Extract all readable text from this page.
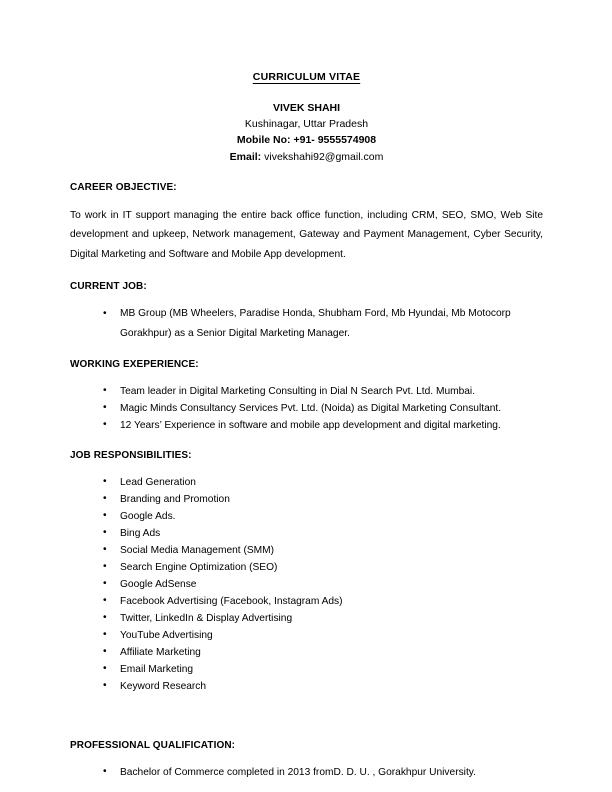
CURRICULUM VITAE
VIVEK SHAHI
Kushinagar, Uttar Pradesh
Mobile No: +91- 9555574908
Email: vivekshahi92@gmail.com
CAREER OBJECTIVE:
To work in IT support managing the entire back office function, including CRM, SEO, SMO, Web Site development and upkeep, Network management, Gateway and Payment Management, Cyber Security, Digital Marketing and Software and Mobile App development.
CURRENT JOB:
• MB Group (MB Wheelers, Paradise Honda, Shubham Ford, Mb Hyundai, Mb Motocorp Gorakhpur) as a Senior Digital Marketing Manager.
WORKING EXEPERIENCE:
• Team leader in Digital Marketing Consulting in Dial N Search Pvt. Ltd. Mumbai.
• Magic Minds Consultancy Services Pvt. Ltd. (Noida) as Digital Marketing Consultant.
• 12 Years’ Experience in software and mobile app development and digital marketing.
JOB RESPONSIBILITIES:
• Lead Generation
• Branding and Promotion
• Google Ads.
• Bing Ads
• Social Media Management (SMM)
• Search Engine Optimization (SEO)
• Google AdSense
• Facebook Advertising (Facebook, Instagram Ads)
• Twitter, LinkedIn & Display Advertising
• YouTube Advertising
• Affiliate Marketing
• Email Marketing
• Keyword Research
PROFESSIONAL QUALIFICATION:
• Bachelor of Commerce completed in 2013 fromD. D. U. , Gorakhpur University.
